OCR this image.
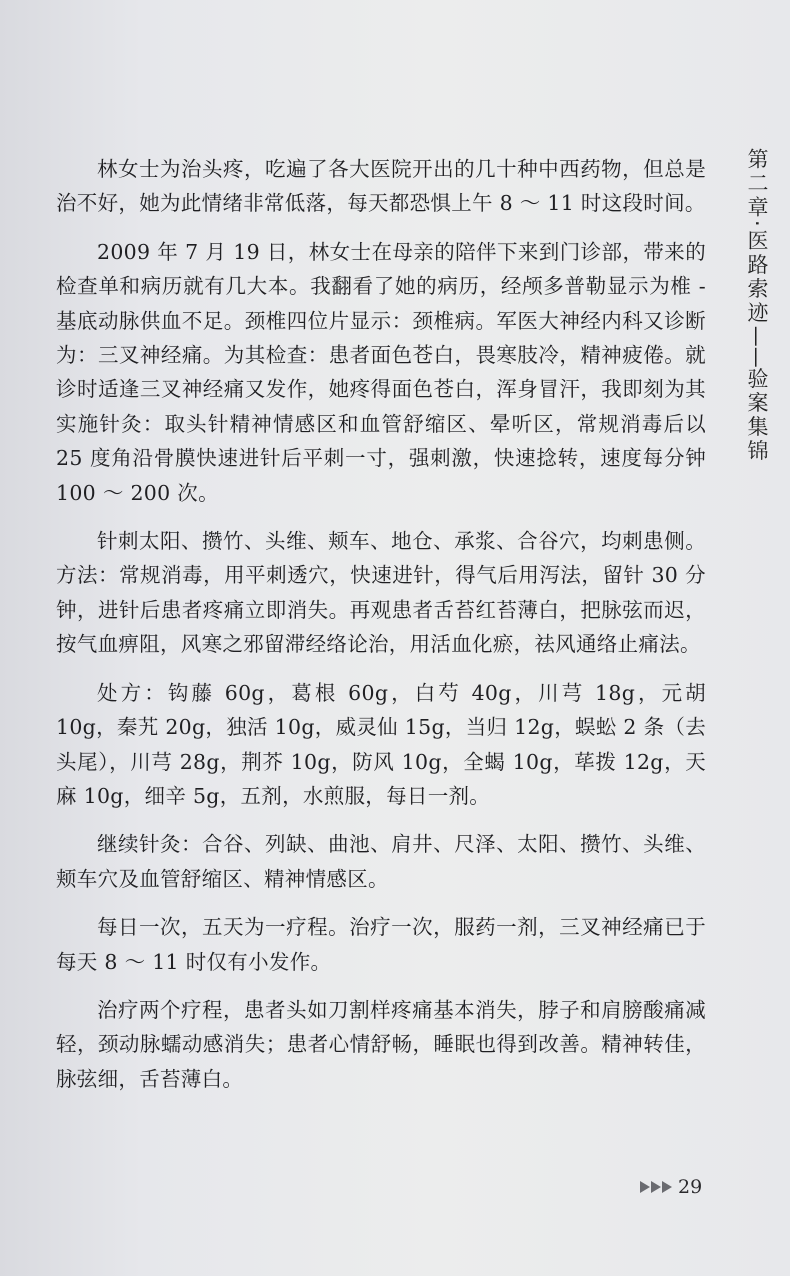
林女士为治头疼，吃遍了各大医院开出的几十种中西药物，但总是治不好，她为此情绪非常低落，每天都恐惧上午 8 ～ 11 时这段时间。

2009 年 7 月 19 日，林女士在母亲的陪伴下来到门诊部，带来的检查单和病历就有几大本。我翻看了她的病历，经颅多普勒显示为椎 - 基底动脉供血不足。颈椎四位片显示：颈椎病。军医大神经内科又诊断为：三叉神经痛。为其检查：患者面色苍白，畏寒肢冷，精神疲倦。就诊时适逢三叉神经痛又发作，她疼得面色苍白，浑身冒汗，我即刻为其实施针灸：取头针精神情感区和血管舒缩区、晕听区，常规消毒后以 25 度角沿骨膜快速进针后平刺一寸，强刺激，快速捻转，速度每分钟 100 ～ 200 次。

针刺太阳、攒竹、头维、颊车、地仓、承浆、合谷穴，均刺患侧。方法：常规消毒，用平刺透穴，快速进针，得气后用泻法，留针 30 分钟，进针后患者疼痛立即消失。再观患者舌苔红苔薄白，把脉弦而迟，按气血痹阻，风寒之邪留滞经络论治，用活血化瘀，祛风通络止痛法。

处方：钩藤 60g，葛根 60g，白芍 40g，川芎 18g，元胡 10g，秦艽 20g，独活 10g，威灵仙 15g，当归 12g，蜈蚣 2 条（去头尾），川芎 28g，荆芥 10g，防风 10g，全蝎 10g，荜拨 12g，天麻 10g，细辛 5g，五剂，水煎服，每日一剂。

继续针灸：合谷、列缺、曲池、肩井、尺泽、太阳、攒竹、头维、颊车穴及血管舒缩区、精神情感区。

每日一次，五天为一疗程。治疗一次，服药一剂，三叉神经痛已于每天 8 ～ 11 时仅有小发作。

治疗两个疗程，患者头如刀割样疼痛基本消失，脖子和肩膀酸痛减轻，颈动脉蠕动感消失；患者心情舒畅，睡眠也得到改善。精神转佳，脉弦细，舌苔薄白。

第二章·医路索迹——验案集锦
29
